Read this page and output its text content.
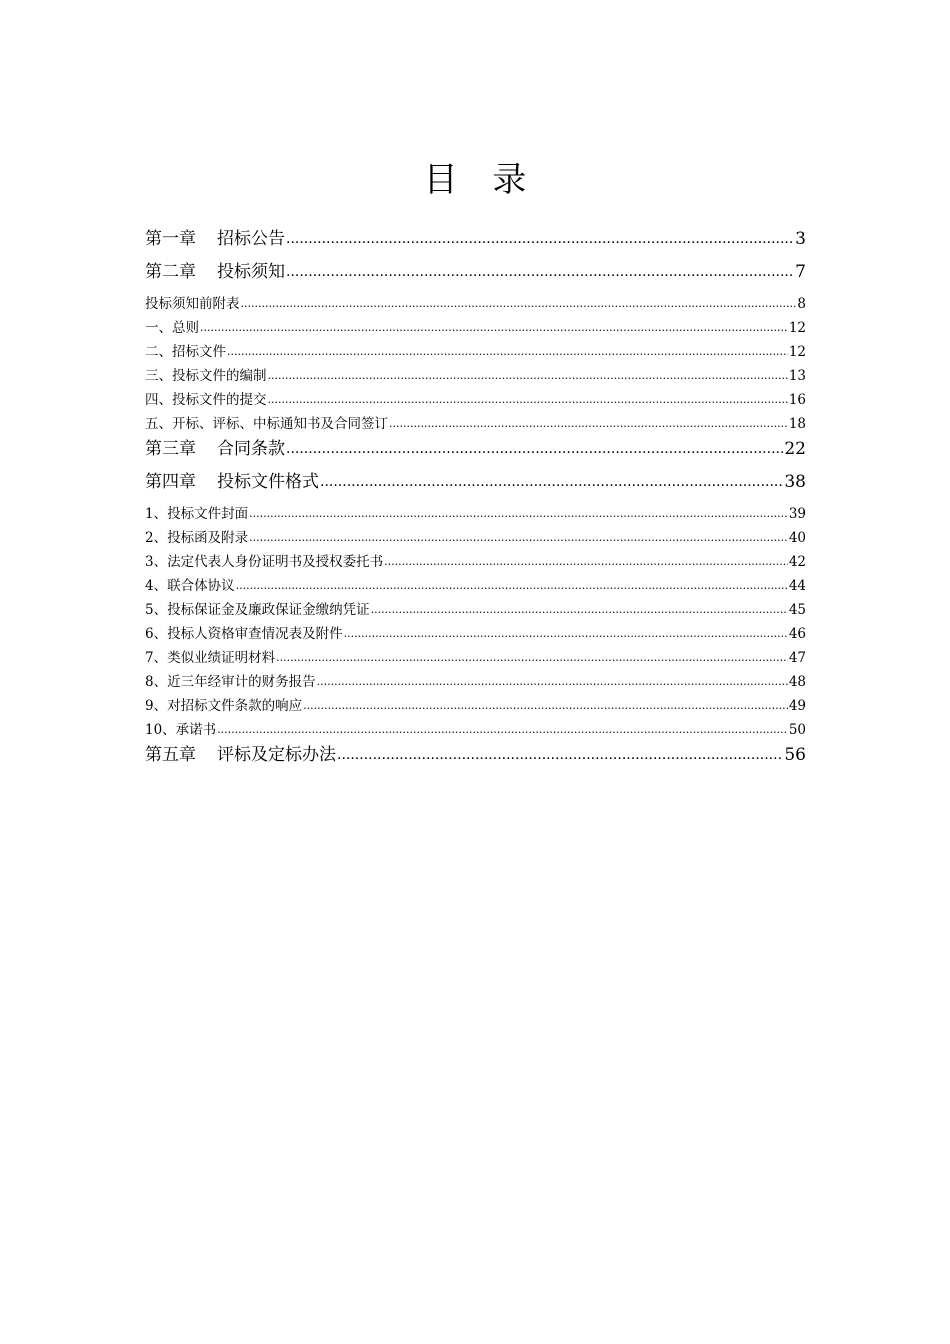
目 录
第一章 招标公告 .....	3
第二章 投标须知 .....	7
投标须知前附表 .....	8
一、总则 .....	12
二、招标文件 .....	12
三、投标文件的编制 .....	13
四、投标文件的提交 .....	16
五、开标、评标、中标通知书及合同签订 .....	18
第三章 合同条款 .....	22
第四章 投标文件格式 .....	38
1、投标文件封面 .....	39
2、投标函及附录 .....	40
3、法定代表人身份证明书及授权委托书 .....	42
4、联合体协议 .....	44
5、投标保证金及廉政保证金缴纳凭证 .....	45
6、投标人资格审查情况表及附件 .....	46
7、类似业绩证明材料 .....	47
8、近三年经审计的财务报告 .....	48
9、对招标文件条款的响应 .....	49
10、承诺书 .....	50
第五章 评标及定标办法 .....	56
